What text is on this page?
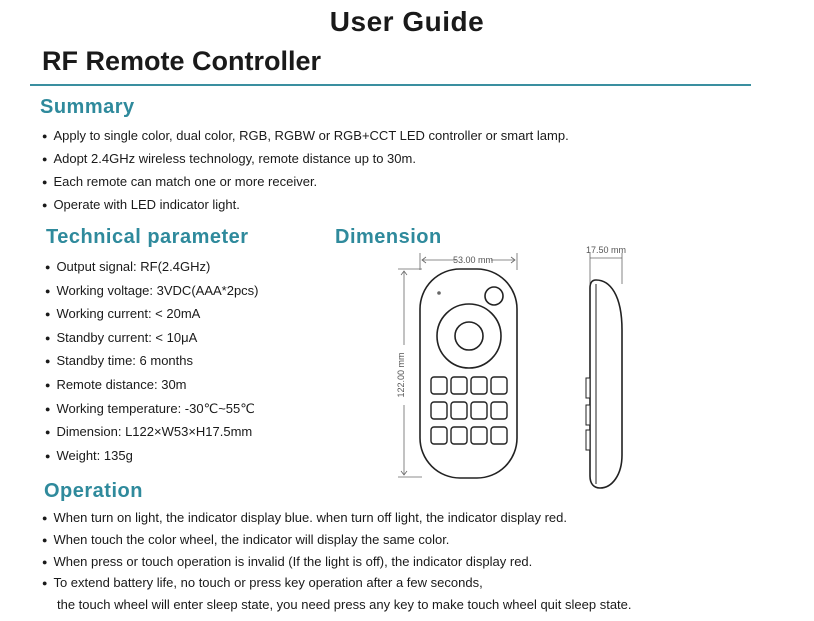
User Guide
RF Remote Controller
Summary
● Apply to single color, dual color, RGB, RGBW or RGB+CCT LED controller or smart lamp.
● Adopt 2.4GHz wireless technology, remote distance up to 30m.
● Each remote can match one or more receiver.
● Operate with LED indicator light.
Technical parameter
● Output signal: RF(2.4GHz)
● Working voltage: 3VDC(AAA*2pcs)
● Working current: < 20mA
● Standby current: < 10μA
● Standby time: 6 months
● Remote distance: 30m
● Working temperature: -30℃~55℃
● Dimension: L122×W53×H17.5mm
● Weight: 135g
Dimension
53.00 mm
122.00 mm
17.50 mm
Operation
● When turn on light, the indicator display blue. when turn off light, the indicator display red.
● When touch the color wheel, the indicator will display the same color.
● When press or touch operation is invalid (If the light is off), the indicator display red.
● To extend battery life, no touch or press key operation after a few seconds,
the touch wheel will enter sleep state, you need press any key to make touch wheel quit sleep state.
